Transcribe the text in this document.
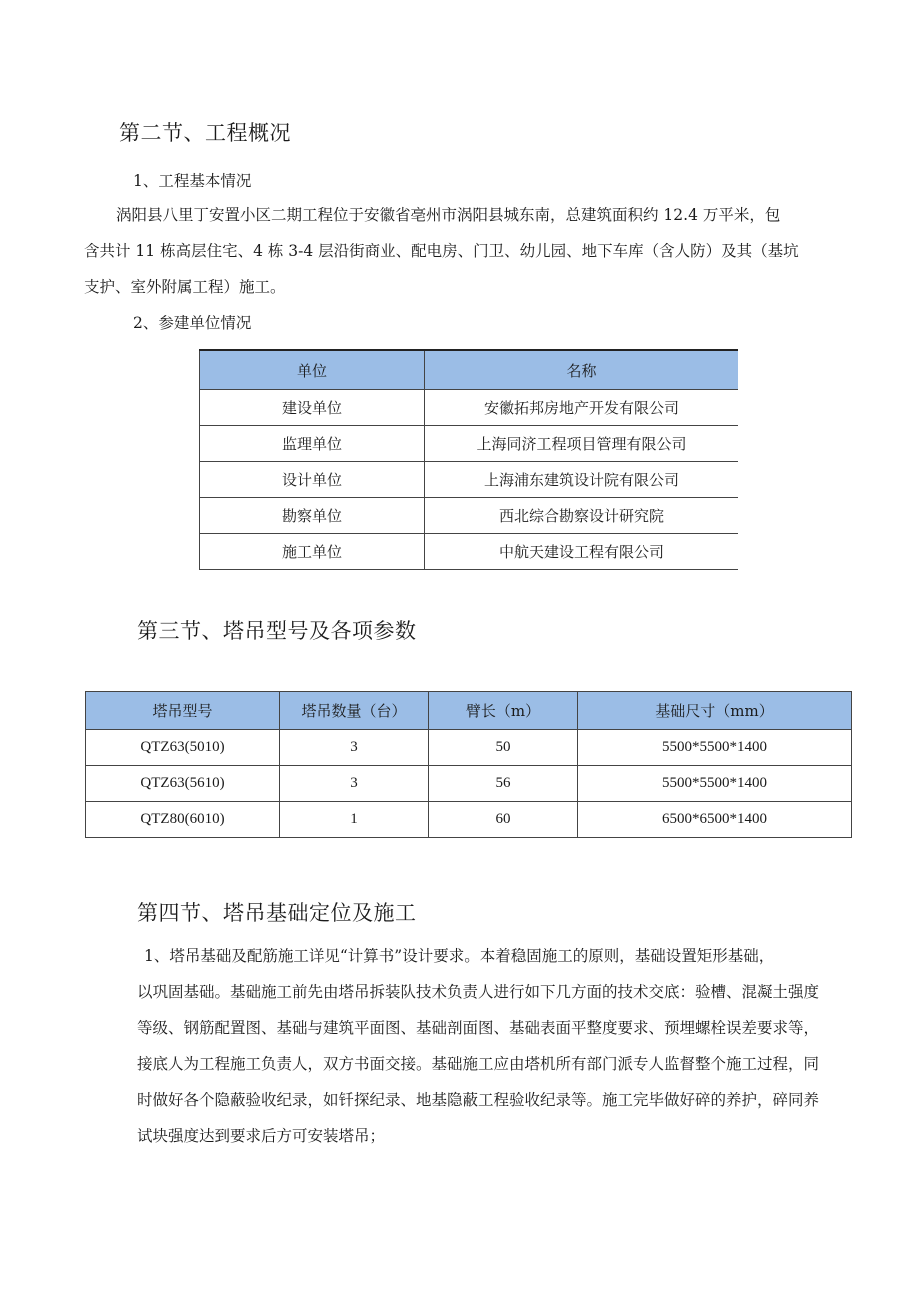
第二节、工程概况
1、工程基本情况
涡阳县八里丁安置小区二期工程位于安徽省亳州市涡阳县城东南，总建筑面积约 12.4 万平米，包
含共计 11 栋高层住宅、4 栋 3-4 层沿街商业、配电房、门卫、幼儿园、地下车库（含人防）及其（基坑
支护、室外附属工程）施工。
2、参建单位情况
单位	名称
建设单位	安徽拓邦房地产开发有限公司
监理单位	上海同济工程项目管理有限公司
设计单位	上海浦东建筑设计院有限公司
勘察单位	西北综合勘察设计研究院
施工单位	中航天建设工程有限公司
第三节、塔吊型号及各项参数
塔吊型号	塔吊数量（台）	臂长（m）	基础尺寸（mm）
QTZ63(5010)	3	50	5500*5500*1400
QTZ63(5610)	3	56	5500*5500*1400
QTZ80(6010)	1	60	6500*6500*1400
第四节、塔吊基础定位及施工
1、塔吊基础及配筋施工详见“计算书”设计要求。本着稳固施工的原则，基础设置矩形基础，
以巩固基础。基础施工前先由塔吊拆装队技术负责人进行如下几方面的技术交底：验槽、混凝土强度
等级、钢筋配置图、基础与建筑平面图、基础剖面图、基础表面平整度要求、预埋螺栓误差要求等，
接底人为工程施工负责人，双方书面交接。基础施工应由塔机所有部门派专人监督整个施工过程，同
时做好各个隐蔽验收纪录，如钎探纪录、地基隐蔽工程验收纪录等。施工完毕做好碎的养护，碎同养
试块强度达到要求后方可安装塔吊；
